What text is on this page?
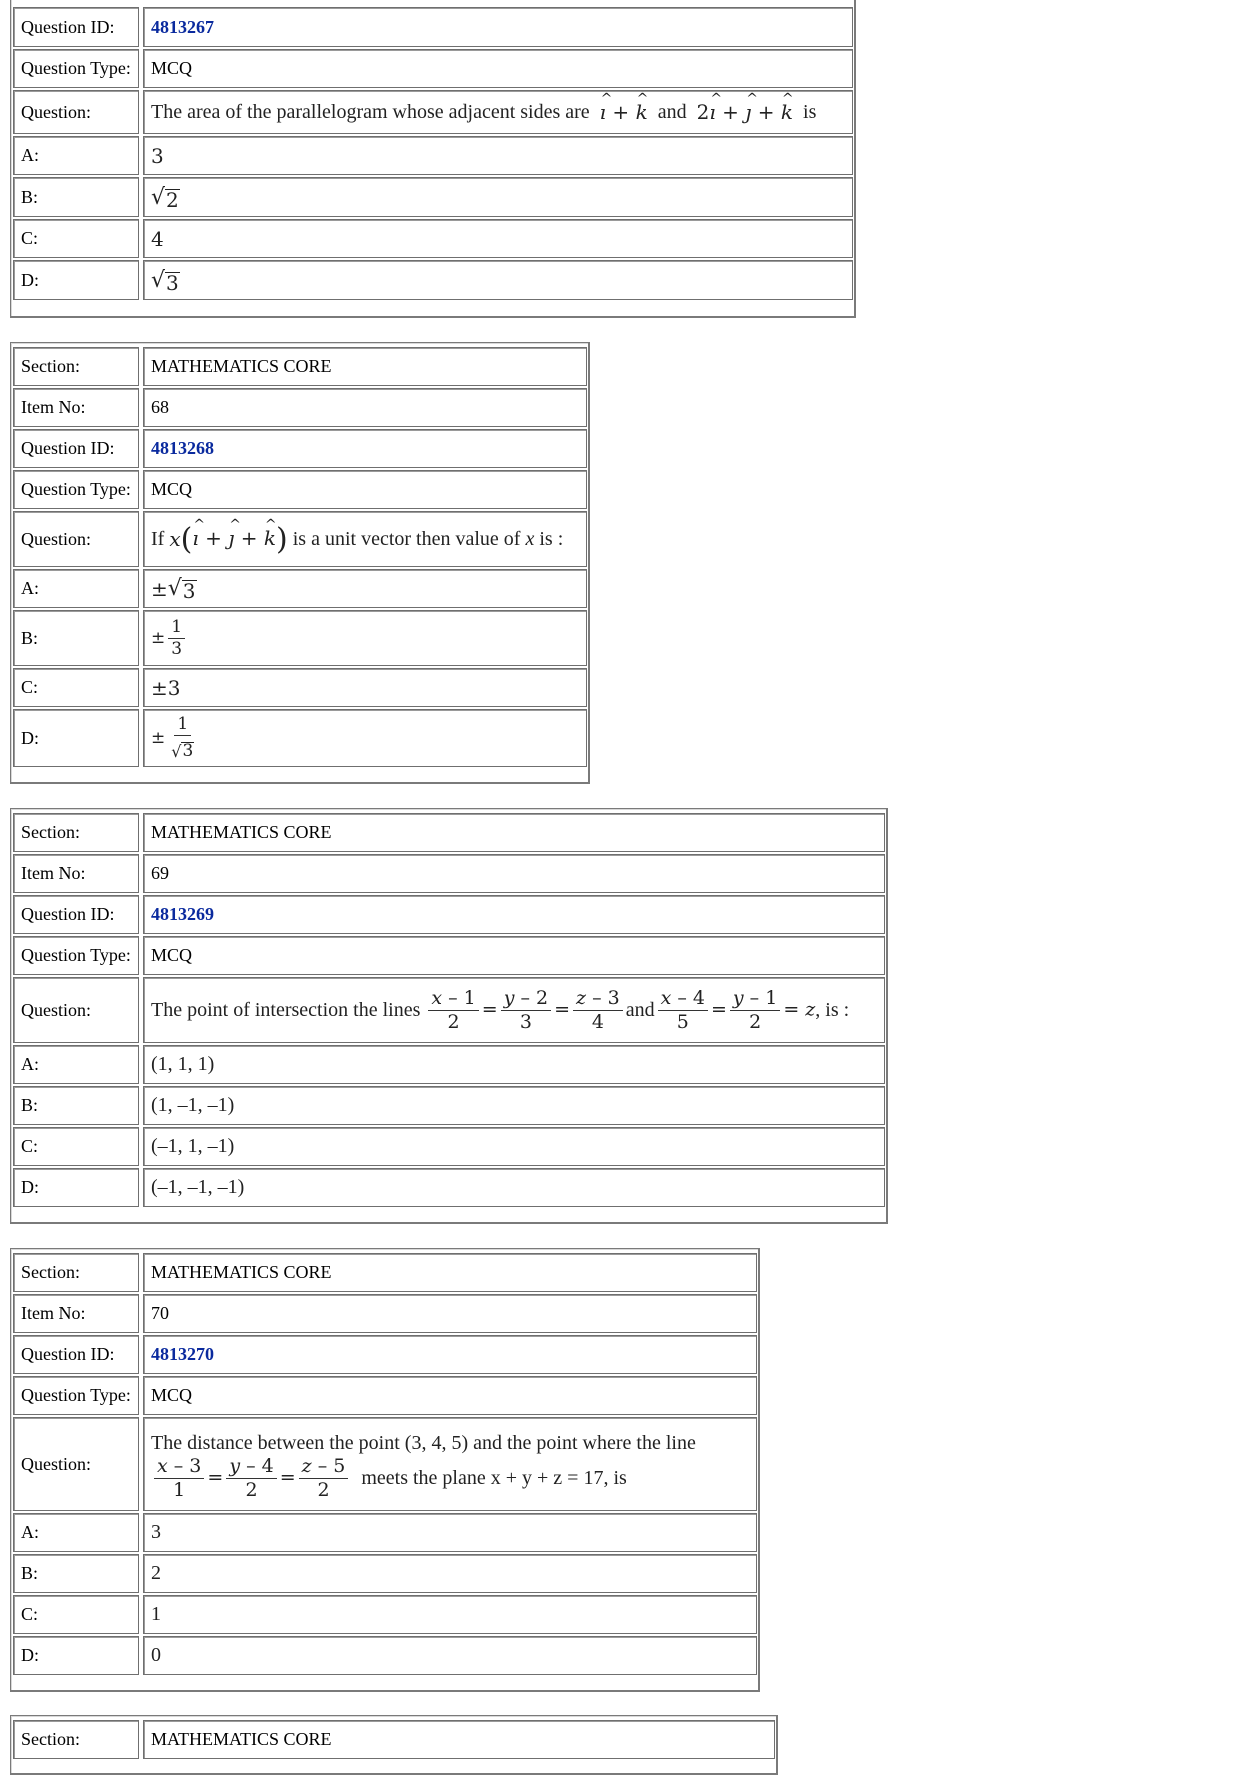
Question ID:	4813267
Question Type:	MCQ
Question:	The area of the parallelogram whose adjacent sides are
ı ^ + k ^
and
2ı ^ + ȷ ^ + k ^
is
A:	3
B:	√ 2
C:	4
D:	√ 3
Section:	MATHEMATICS CORE
Item No:	68
Question ID:	4813268
Question Type:	MCQ
Question:	If
x (ı ^ + ȷ ^ + k ^)
is a unit vector then value of
x
is :
A:	± √ 3
B:	± $\frac{1}{3}$
C:	±3
D:	± $\frac{1}{√ 3}$
Section:	MATHEMATICS CORE
Item No:	69
Question ID:	4813269
Question Type:	MCQ
Question:	The point of intersection the lines
$\frac{x - 1}{2} = \frac{y - 2}{3} = \frac{z - 3}{4}$ and $\frac{x - 4}{5} = \frac{y - 1}{2} = z$ , is :
A:	(1, 1, 1)
B:	(1, –1, –1)
C:	(–1, 1, –1)
D:	(–1, –1, –1)
Section:	MATHEMATICS CORE
Item No:	70
Question ID:	4813270
Question Type:	MCQ
Question:
The distance between the point (3, 4, 5) and the point where the line
$\frac{x - 3}{1} = \frac{y - 4}{2} = \frac{z - 5}{2}$
meets the plane x + y + z = 17, is
A:	3
B:	2
C:	1
D:	0
Section:	MATHEMATICS CORE
